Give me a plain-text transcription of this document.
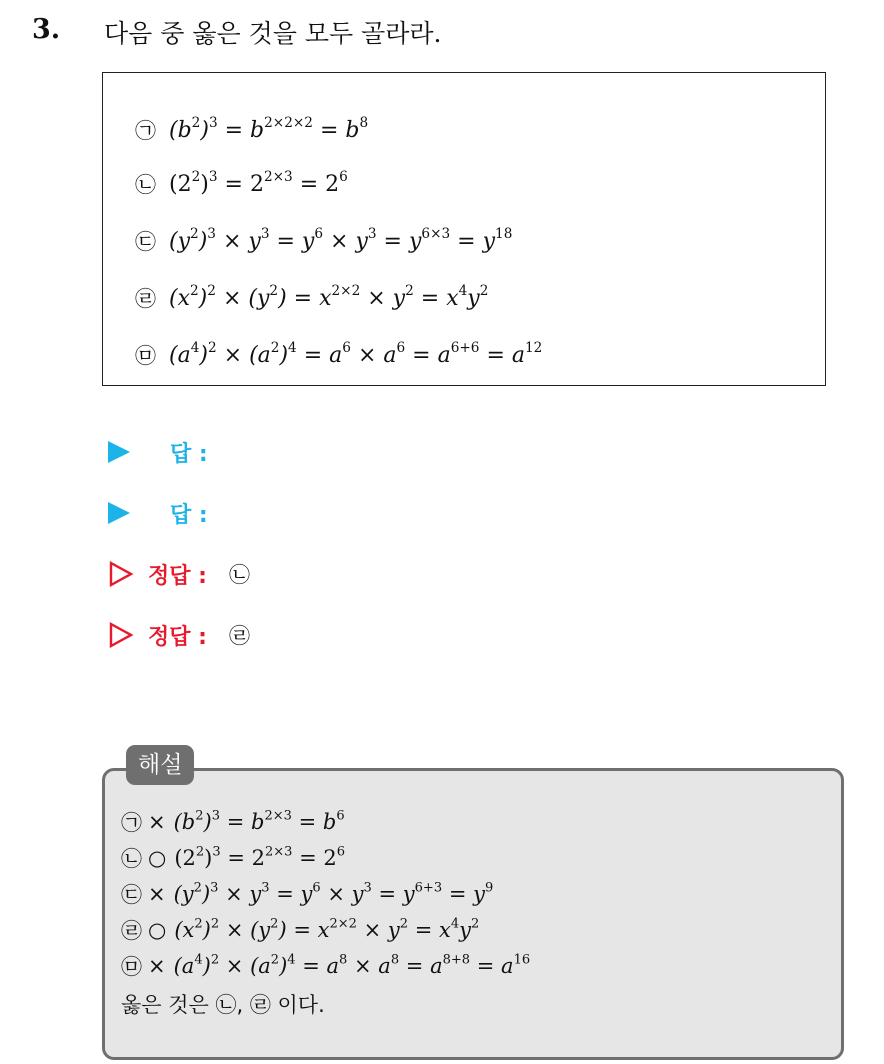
3. 다음 중 옳은 것을 모두 골라라.
㉠ $(b^2)^3 = b^{2\times 2\times 2} = b^8$
㉡ $(2^2)^3 = 2^{2\times 3} = 2^6$
㉢ $(y^2)^3 \times y^3 = y^6 \times y^3 = y^{6\times 3} = y^{18}$
㉣ $(x^2)^2 \times (y^2) = x^{2\times 2} \times y^2 = x^4y^2$
㉤ $(a^4)^2 \times (a^2)^4 = a^6 \times a^6 = a^{6+6} = a^{12}$
답 :
답 :
정답 : ㉡
정답 : ㉣
㉠ × $(b^2)^3 = b^{2\times 3} = b^6$
㉡ ○ $(2^2)^3 = 2^{2\times 3} = 2^6$
㉢ × $(y^2)^3 \times y^3 = y^6 \times y^3 = y^{6+3} = y^9$
㉣ ○ $(x^2)^2 \times (y^2) = x^{2\times 2} \times y^2 = x^4y^2$
㉤ × $(a^4)^2 \times (a^2)^4 = a^8 \times a^8 = a^{8+8} = a^{16}$
옳은 것은 ㉡, ㉣ 이다.
해설
